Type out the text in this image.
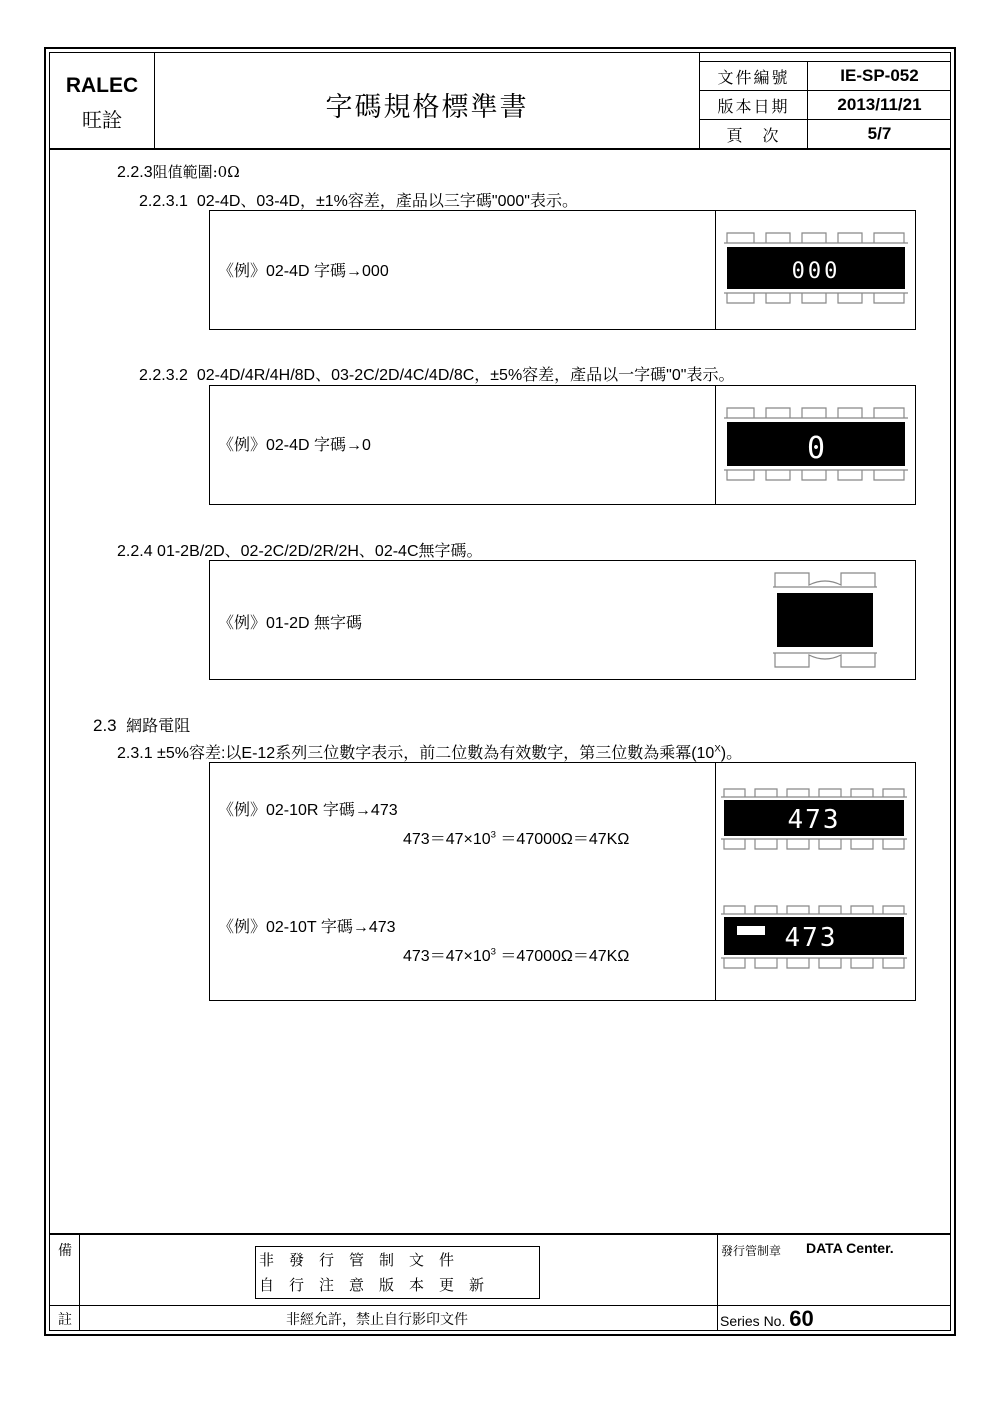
RALEC
旺詮	字碼規格標準書
文件編號	IE-SP-052
版本日期	2013/11/21
頁　次	5/7
2.2.3阻值範圍:0Ω
2.2.3.1 02-4D、03-4D，±1%容差，產品以三字碼"000"表示。
《例》02-4D 字碼→000	000
2.2.3.2 02-4D/4R/4H/8D、03-2C/2D/4C/4D/8C，±5%容差，產品以一字碼"0"表示。
《例》02-4D 字碼→0	0
2.2.4 01-2B/2D、02-2C/2D/2R/2H、02-4C無字碼。
《例》01-2D 無字碼
2.3 網路電阻
2.3.1 ±5%容差:以E-12系列三位數字表示，前二位數為有效數字，第三位數為乘冪$(10^X)$。
《例》02-10R 字碼→473
$473=47\times 10^3 =47000\Omega=47K\Omega$
473
《例》02-10T 字碼→473
$473=47\times 10^3 =47000\Omega=47K\Omega$
473
備
註
非　發　行　管　制　文　件
自　行　注　意　版　本　更　新
非經允許，禁止自行影印文件
發行管制章 DATA Center.
Series No. 60
